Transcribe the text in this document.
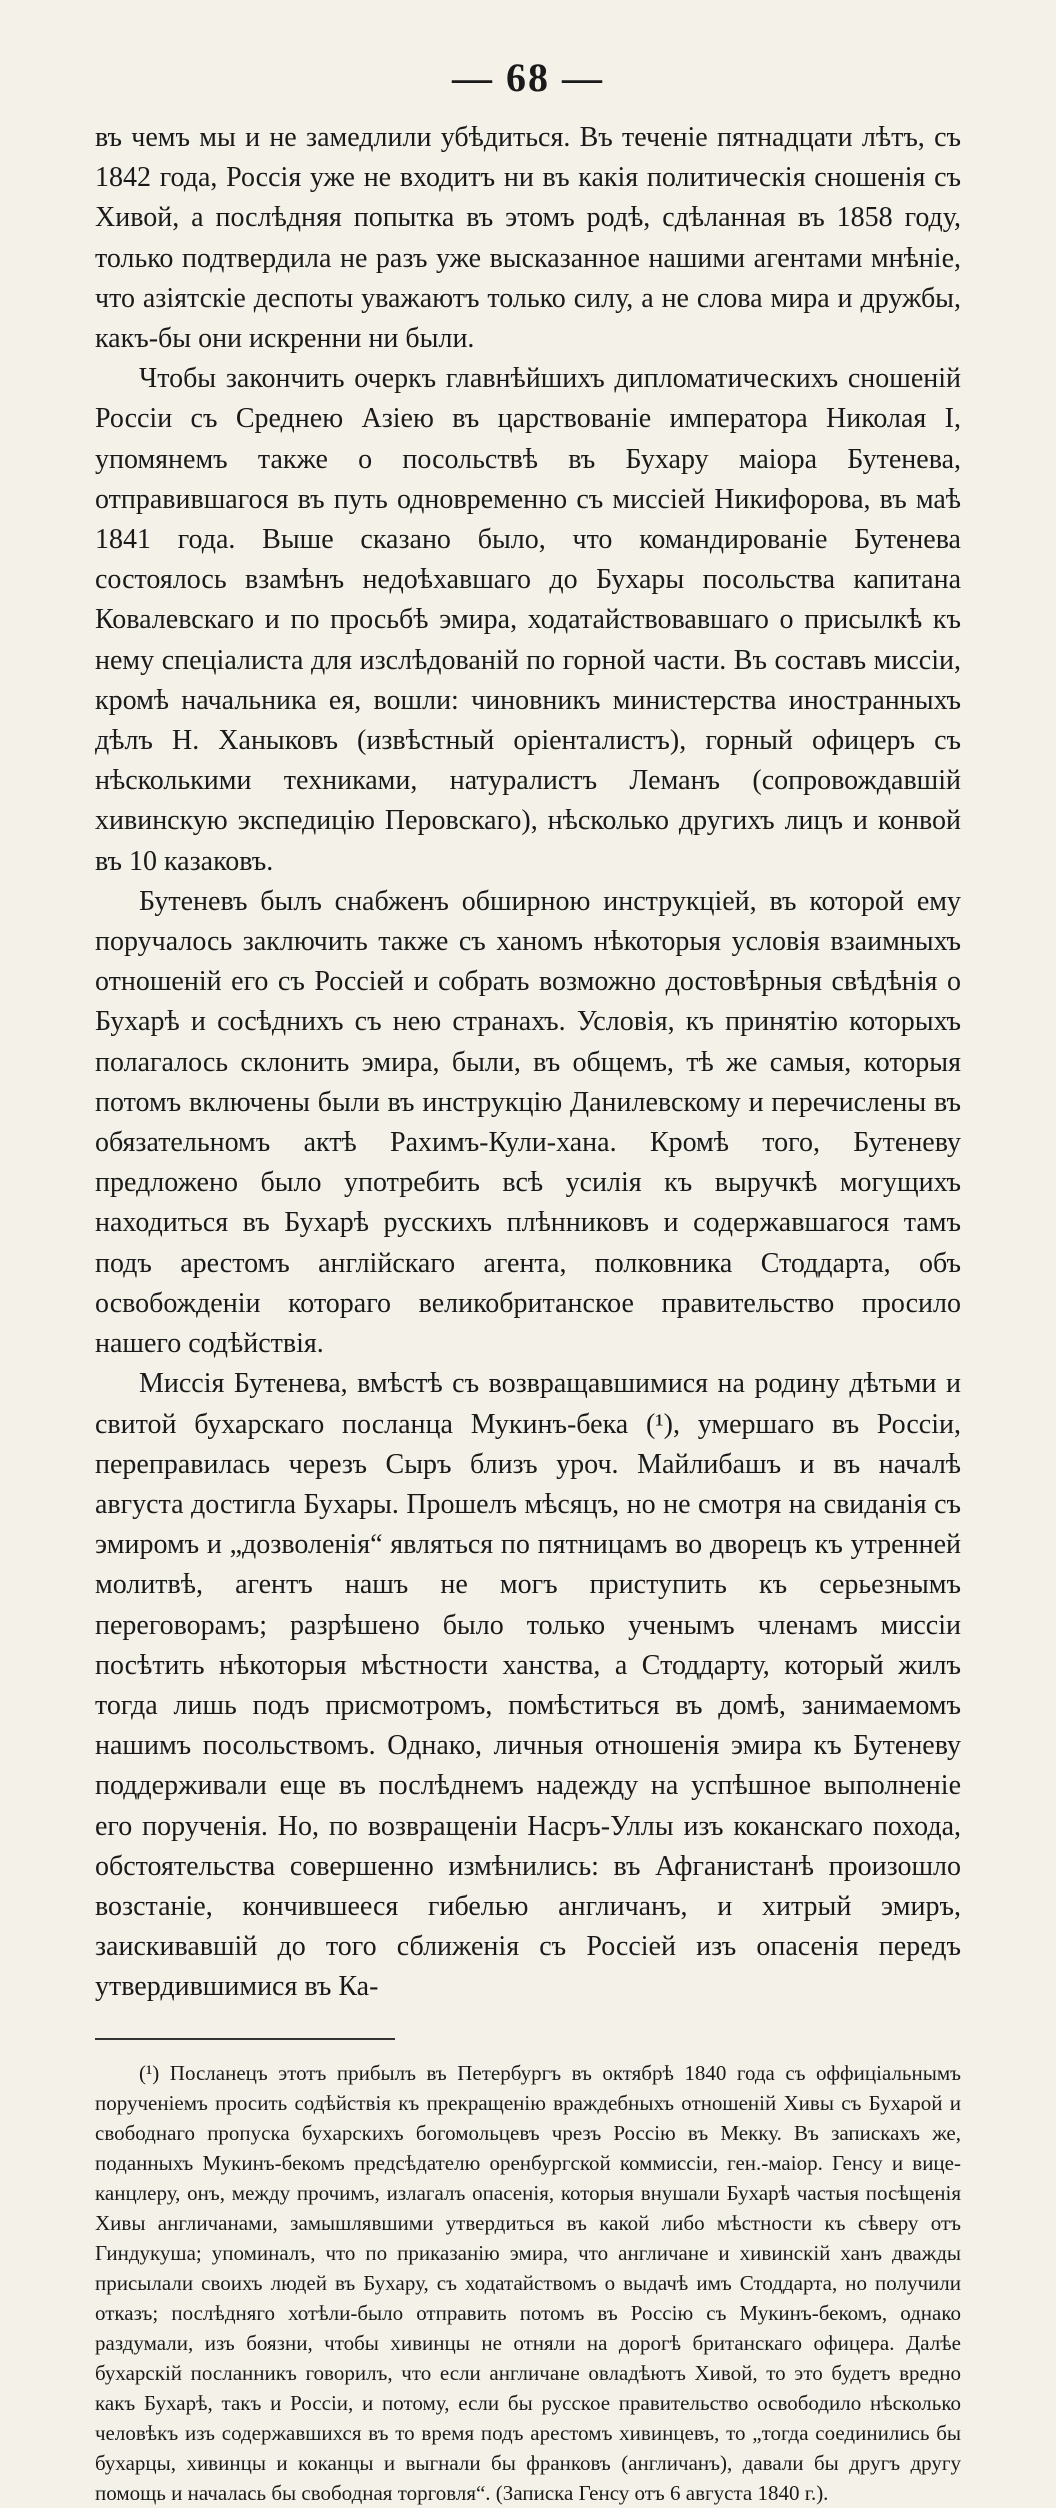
— 68 —

въ чемъ мы и не замедлили убѣдиться. Въ теченіе пятнадцати лѣтъ, съ 1842 года, Россія уже не входитъ ни въ какія политическія сношенія съ Хивой, а послѣдняя попытка въ этомъ родѣ, сдѣланная въ 1858 году, только подтвердила не разъ уже высказанное нашими агентами мнѣніе, что азіятскіе деспоты уважаютъ только силу, а не слова мира и дружбы, какъ-бы они искренни ни были.

Чтобы закончить очеркъ главнѣйшихъ дипломатическихъ сношеній Россіи съ Среднею Азіею въ царствованіе императора Николая I, упомянемъ также о посольствѣ въ Бухару маіора Бутенева, отправившагося въ путь одновременно съ миссіей Никифорова, въ маѣ 1841 года. Выше сказано было, что командированіе Бутенева состоялось взамѣнъ недоѣхавшаго до Бухары посольства капитана Ковалевскаго и по просьбѣ эмира, ходатайствовавшаго о присылкѣ къ нему спеціалиста для изслѣдованій по горной части. Въ составъ миссіи, кромѣ начальника ея, вошли: чиновникъ министерства иностранныхъ дѣлъ Н. Ханыковъ (извѣстный оріенталистъ), горный офицеръ съ нѣсколькими техниками, натуралистъ Леманъ (сопровождавшій хивинскую экспедицію Перовскаго), нѣсколько другихъ лицъ и конвой въ 10 казаковъ.

Бутеневъ былъ снабженъ обширною инструкціей, въ которой ему поручалось заключить также съ ханомъ нѣкоторыя условія взаимныхъ отношеній его съ Россіей и собрать возможно достовѣрныя свѣдѣнія о Бухарѣ и сосѣднихъ съ нею странахъ. Условія, къ принятію которыхъ полагалось склонить эмира, были, въ общемъ, тѣ же самыя, которыя потомъ включены были въ инструкцію Данилевскому и перечислены въ обязательномъ актѣ Рахимъ-Кули-хана. Кромѣ того, Бутеневу предложено было употребить всѣ усилія къ выручкѣ могущихъ находиться въ Бухарѣ русскихъ плѣнниковъ и содержавшагося тамъ подъ арестомъ англійскаго агента, полковника Стоддарта, объ освобожденіи котораго великобританское правительство просило нашего содѣйствія.

Миссія Бутенева, вмѣстѣ съ возвращавшимися на родину дѣтьми и свитой бухарскаго посланца Мукинъ-бека (¹), умершаго въ Россіи, переправилась черезъ Сыръ близъ уроч. Майлибашъ и въ началѣ августа достигла Бухары. Прошелъ мѣсяцъ, но не смотря на свиданія съ эмиромъ и „дозволенія“ являться по пятницамъ во дворецъ къ утренней молитвѣ, агентъ нашъ не могъ приступить къ серьезнымъ переговорамъ; разрѣшено было только ученымъ членамъ миссіи посѣтить нѣкоторыя мѣстности ханства, а Стоддарту, который жилъ тогда лишь подъ присмотромъ, помѣститься въ домѣ, занимаемомъ нашимъ посольствомъ. Однако, личныя отношенія эмира къ Бутеневу поддерживали еще въ послѣднемъ надежду на успѣшное выполненіе его порученія. Но, по возвращеніи Насръ-Уллы изъ коканскаго похода, обстоятельства совершенно измѣнились: въ Афганистанѣ произошло возстаніе, кончившееся гибелью англичанъ, и хитрый эмиръ, заискивавшій до того сближенія съ Россіей изъ опасенія передъ утвердившимися въ Ка-

(¹) Посланецъ этотъ прибылъ въ Петербургъ въ октябрѣ 1840 года съ оффиціальнымъ порученіемъ просить содѣйствія къ прекращенію враждебныхъ отношеній Хивы съ Бухарой и свободнаго пропуска бухарскихъ богомольцевъ чрезъ Россію въ Мекку. Въ запискахъ же, поданныхъ Мукинъ-бекомъ предсѣдателю оренбургской коммиссіи, ген.-маіор. Генсу и вице-канцлеру, онъ, между прочимъ, излагалъ опасенія, которыя внушали Бухарѣ частыя посѣщенія Хивы англичанами, замышлявшими утвердиться въ какой либо мѣстности къ сѣверу отъ Гиндукуша; упоминалъ, что по приказанію эмира, что англичане и хивинскій ханъ дважды присылали своихъ людей въ Бухару, съ ходатайствомъ о выдачѣ имъ Стоддарта, но получили отказъ; послѣдняго хотѣли-было отправить потомъ въ Россію съ Мукинъ-бекомъ, однако раздумали, изъ боязни, чтобы хивинцы не отняли на дорогѣ британскаго офицера. Далѣе бухарскій посланникъ говорилъ, что если англичане овладѣютъ Хивой, то это будетъ вредно какъ Бухарѣ, такъ и Россіи, и потому, если бы русское правительство освободило нѣсколько человѣкъ изъ содержавшихся въ то время подъ арестомъ хивинцевъ, то „тогда соединились бы бухарцы, хивинцы и коканцы и выгнали бы франковъ (англичанъ), давали бы другъ другу помощь и началась бы свободная торговля“. (Записка Генсу отъ 6 августа 1840 г.).
